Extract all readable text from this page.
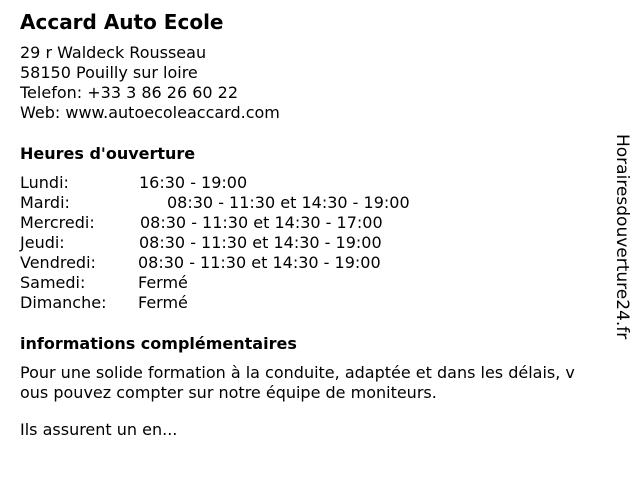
Accard Auto Ecole
29 r Waldeck Rousseau
58150 Pouilly sur loire
Telefon: +33 3 86 26 60 22
Web: www.autoecoleaccard.com
Heures d'ouverture
Lundi:	16:30 - 19:00
Mardi:	08:30 - 11:30 et 14:30 - 19:00
Mercredi:	08:30 - 11:30 et 14:30 - 17:00
Jeudi:	08:30 - 11:30 et 14:30 - 19:00
Vendredi:	08:30 - 11:30 et 14:30 - 19:00
Samedi:	Fermé
Dimanche: Fermé
informations complémentaires
Pour une solide formation à la conduite, adaptée et dans les délais, v
ous pouvez compter sur notre équipe de moniteurs.
Ils assurent un en...
Horairesdouverture24.fr
